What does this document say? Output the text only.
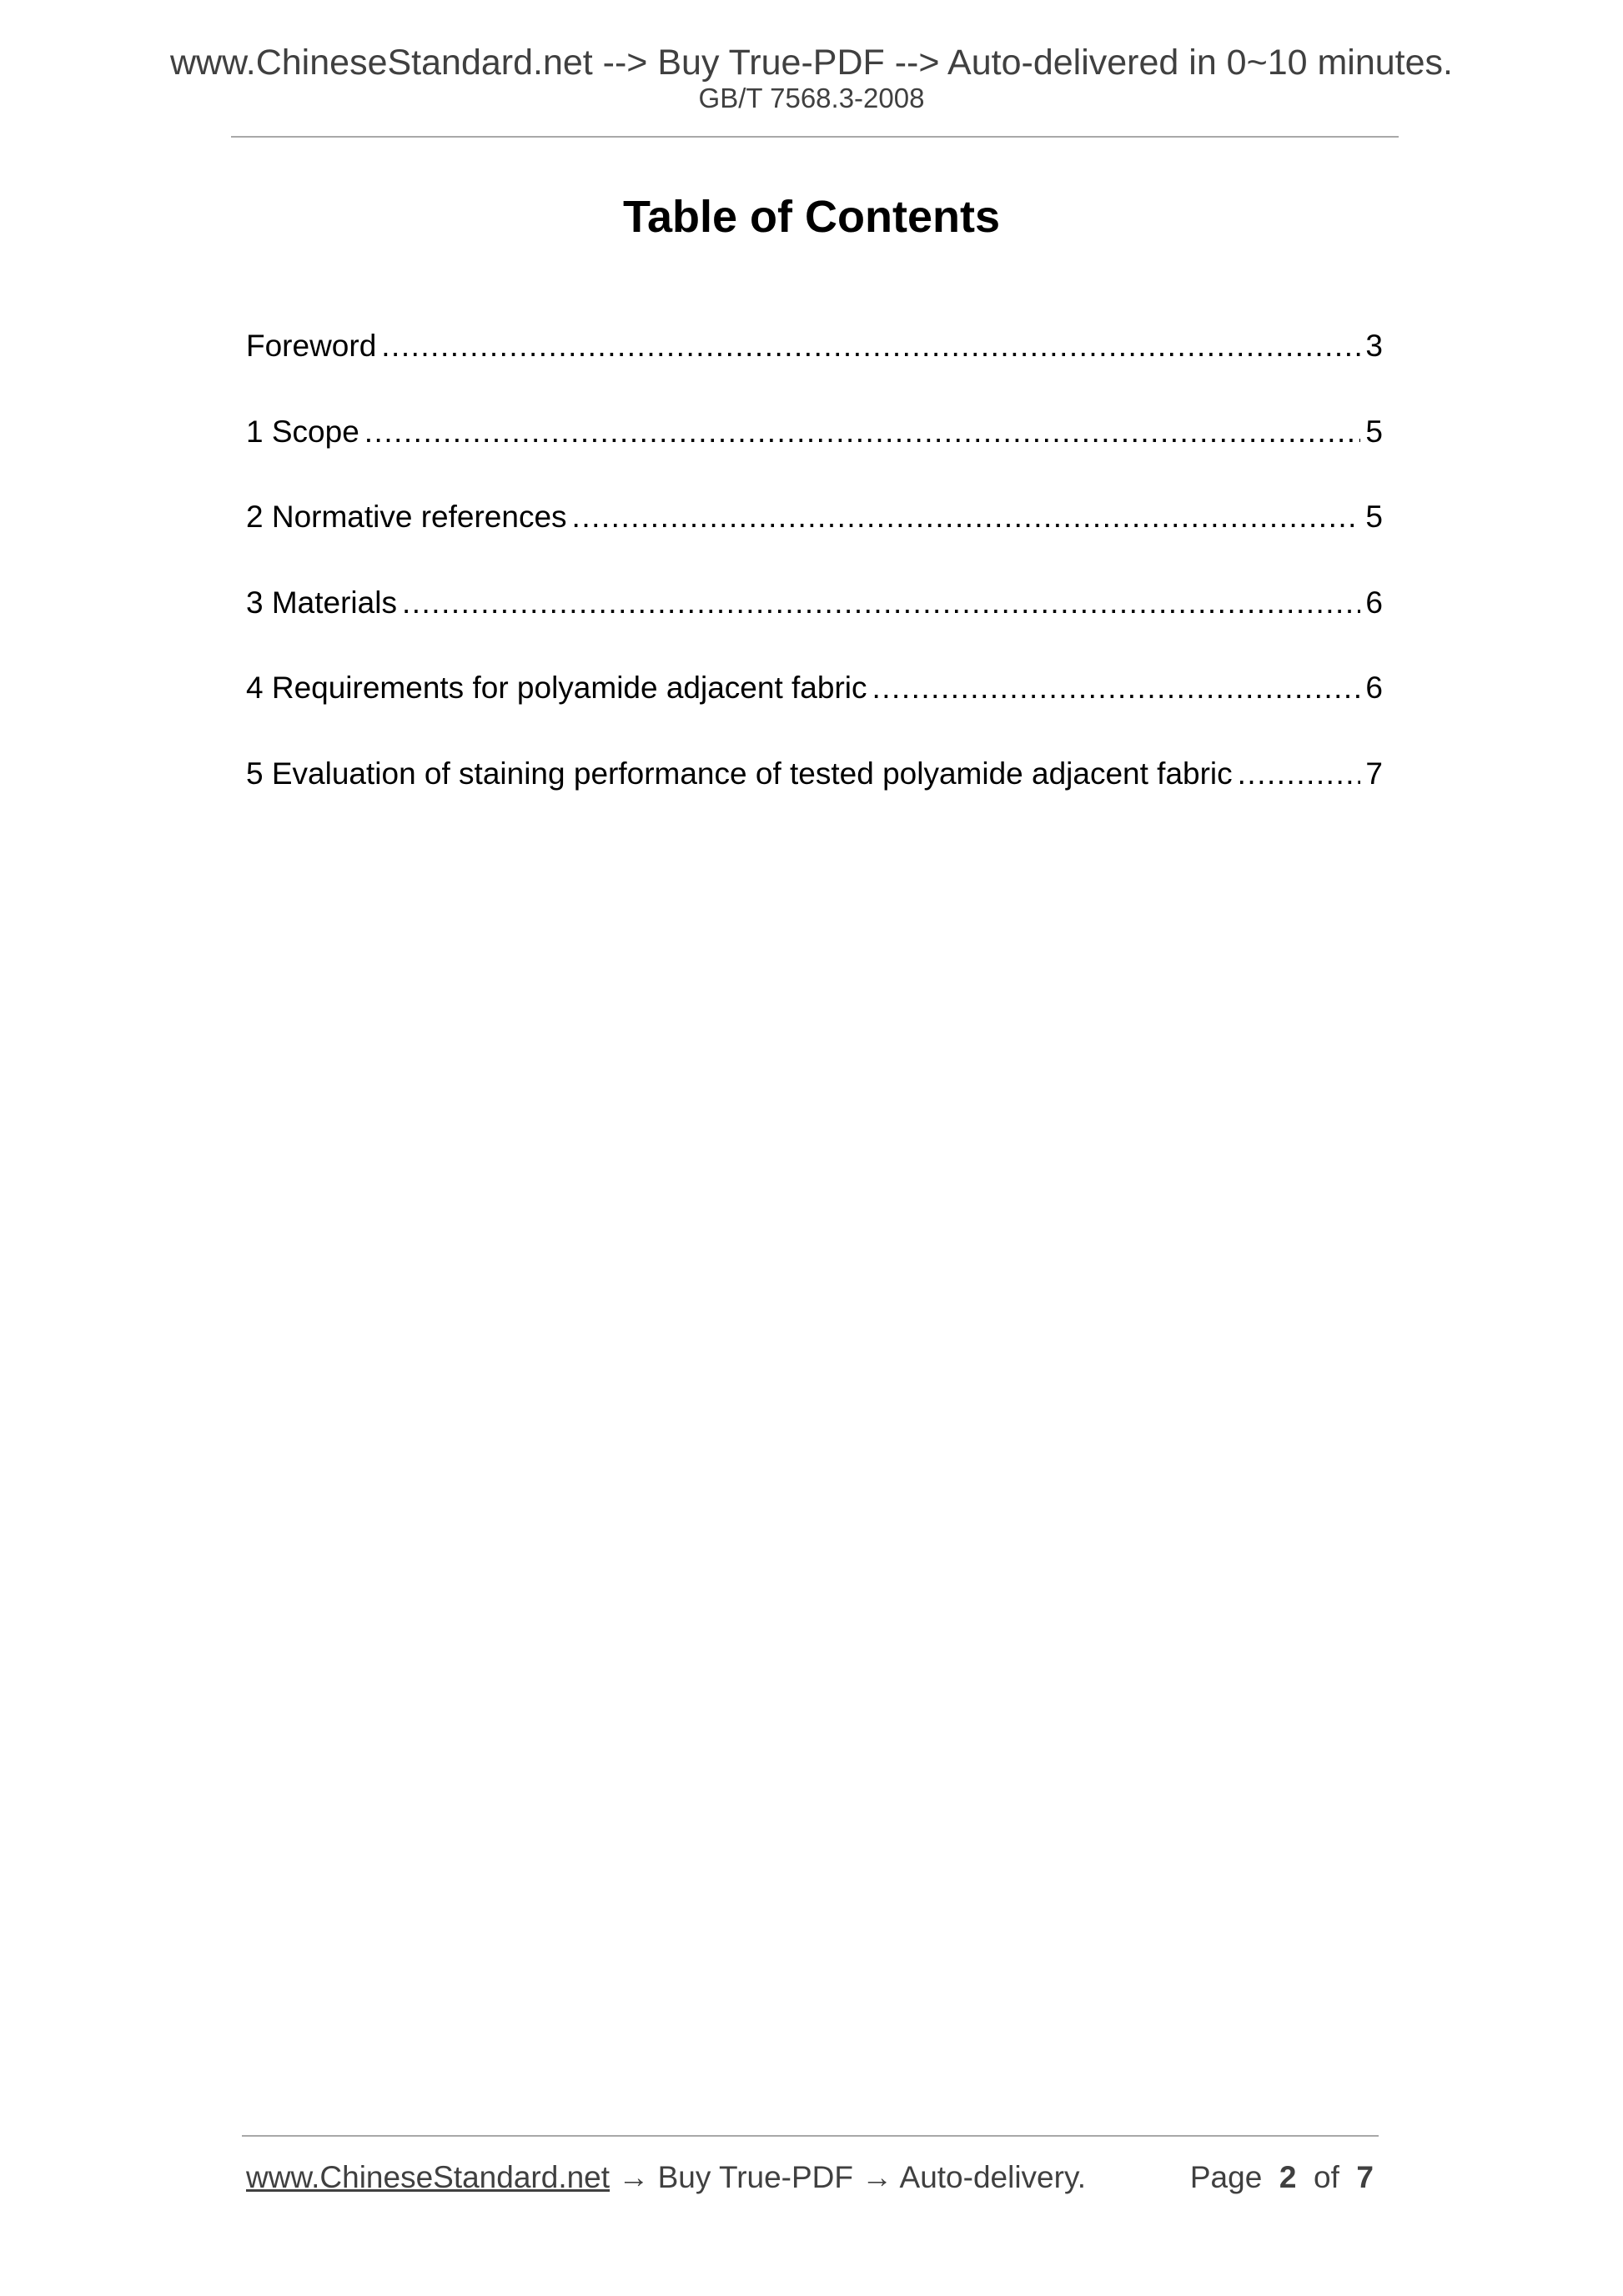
www.ChineseStandard.net --> Buy True-PDF --> Auto-delivered in 0~10 minutes.
GB/T 7568.3-2008
Table of Contents
Foreword .....	3
1 Scope .....	5
2 Normative references .....	5
3 Materials .....	6
4 Requirements for polyamide adjacent fabric .....	6
5 Evaluation of staining performance of tested polyamide adjacent fabric .....	7
www.ChineseStandard.net → Buy True-PDF → Auto-delivery.	Page 2 of 7
